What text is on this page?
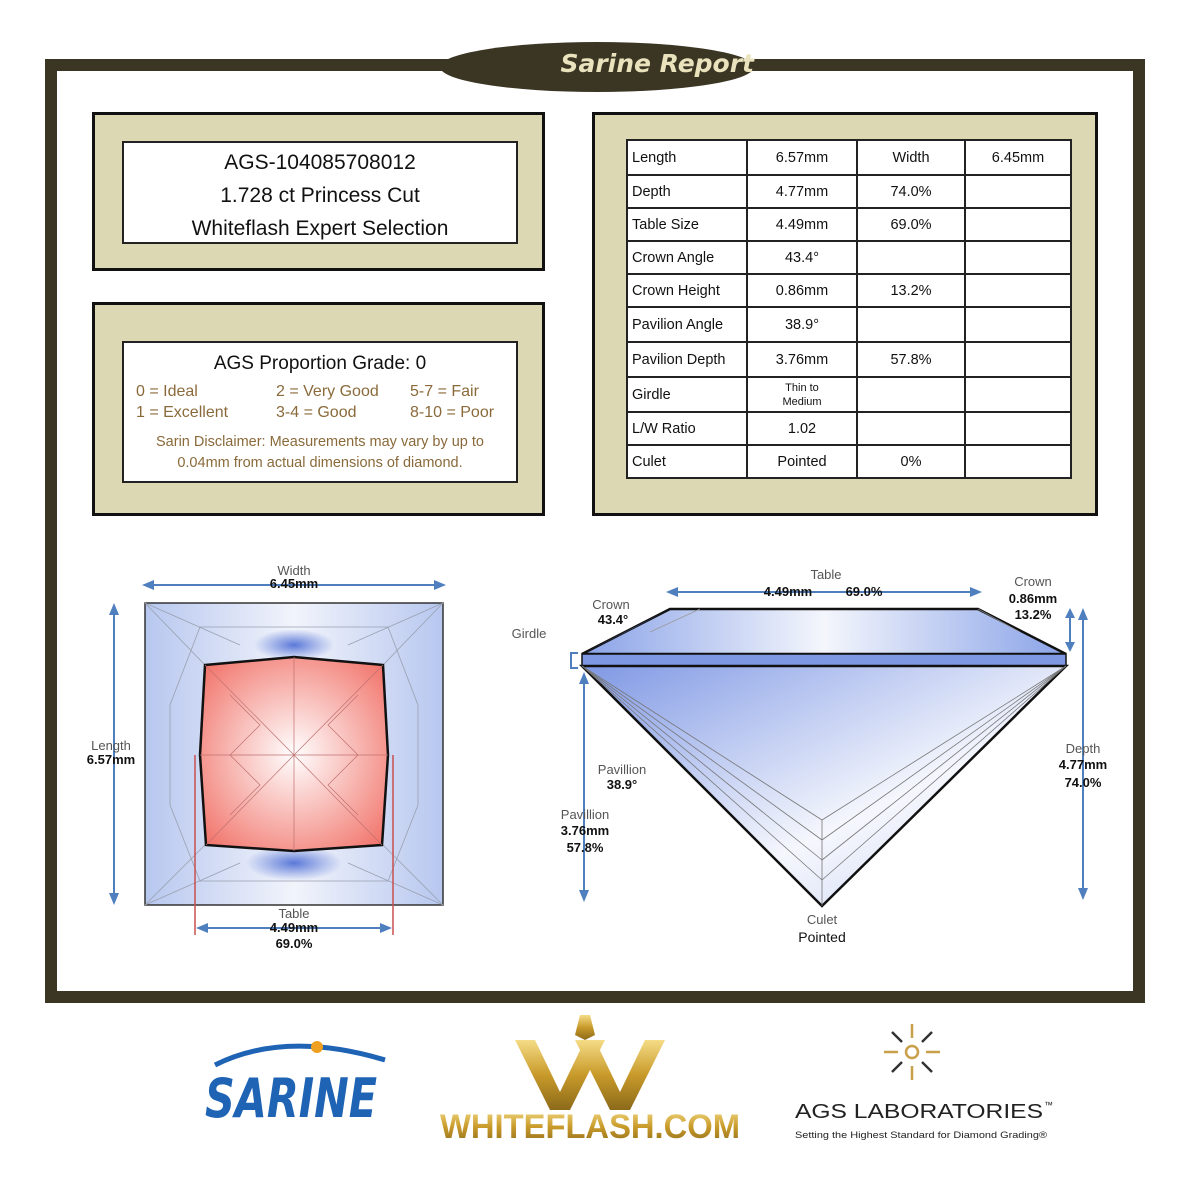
Sarine Report
AGS-104085708012
1.728 ct Princess Cut
Whiteflash Expert Selection
AGS Proportion Grade: 0
0 = Ideal	2 = Very Good	5-7 = Fair
1 = Excellent	3-4 = Good	8-10 = Poor
Sarin Disclaimer: Measurements may vary by up to
0.04mm from actual dimensions of diamond.
Length	6.57mm	Width	6.45mm
Depth	4.77mm	74.0%	
Table Size	4.49mm	69.0%	
Crown Angle	43.4°		
Crown Height	0.86mm	13.2%	
Pavilion Angle	38.9°		
Pavilion Depth	3.76mm	57.8%	
Girdle	Thin to
Medium		

L/W Ratio	1.02		
Culet	Pointed	0%	
Width
6.45mm
Length
6.57mm
Table
4.49mm
69.0%
Table
4.49mm	69.0%
Crown
0.86mm
13.2%
Crown
43.4°
Girdle
Pavillion
38.9°
Pavillion
3.76mm
57.8%
Depth
4.77mm
74.0%
Culet
Pointed
SARINE WHITEFLASH.COM	AGS LABORATORIES ™
Setting the Highest Standard for Diamond Grading®
